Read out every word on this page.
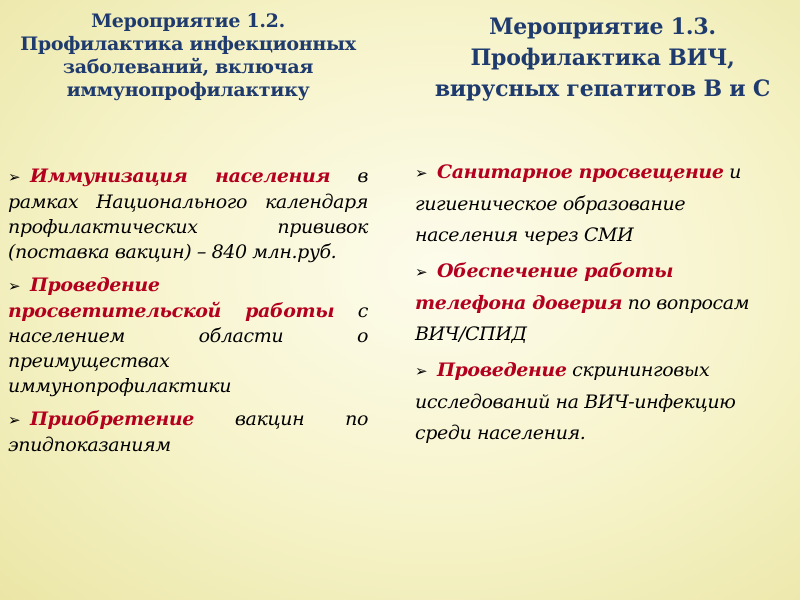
Мероприятие 1.2. Профилактика инфекционных заболеваний, включая иммунопрофилактику
➢ Иммунизация населения в рамках Национального календаря профилактических прививок (поставка вакцин) – 840 млн.руб.
➢ Проведение просветительской работы с населением области о преимуществах иммунопрофилактики
➢ Приобретение вакцин по эпидпоказаниям
Мероприятие 1.3. Профилактика ВИЧ, вирусных гепатитов В и С
➢ Санитарное просвещение и гигиеническое образование населения через СМИ
➢ Обеспечение работы телефона доверия по вопросам ВИЧ/СПИД
➢ Проведение скрининговых исследований на ВИЧ-инфекцию среди населения.
